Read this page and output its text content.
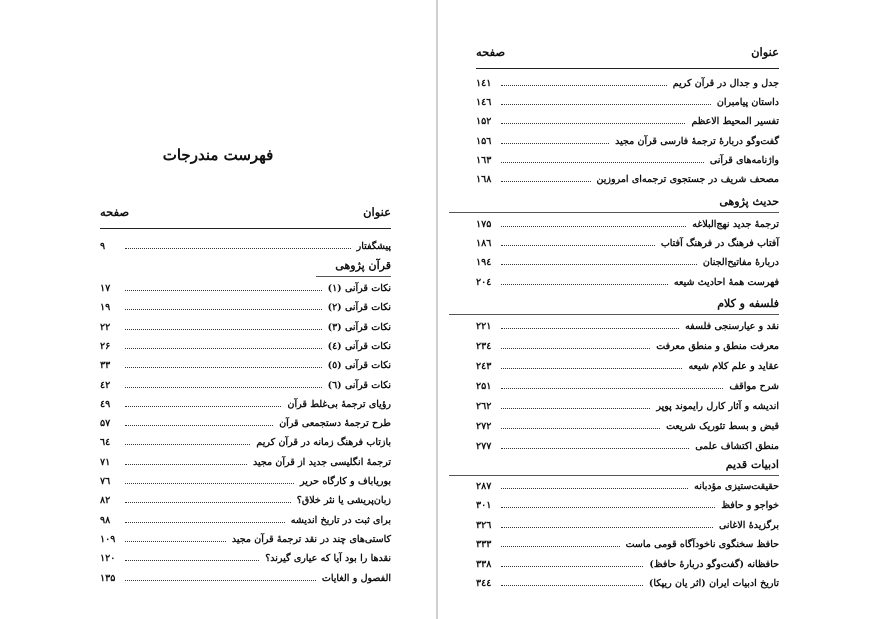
فهرست مندرجات
عنوان
صفحه
پیشگفتار
۹
قرآن پژوهی
نکات قرآنی (۱)
۱۷
نکات قرآنی (۲)
۱۹
نکات قرآنی (۳)
۲۲
نکات قرآنی (٤)
۲۶
نکات قرآنی (٥)
۳۳
نکات قرآنی (٦)
٤۲
رؤیای ترجمهٔ بی‌غلط قرآن
٤۹
طرح ترجمهٔ دستجمعی قرآن
۵۷
بازتاب فرهنگ زمانه در قرآن کریم
٦٤
ترجمهٔ انگلیسی جدید از قرآن مجید
۷۱
بوریاباف و کارگاه حریر
۷٦
زبان‌پریشی یا نثر خلاق؟
۸۲
برای ثبت در تاریخ اندیشه
۹۸
کاستی‌های چند در نقد ترجمهٔ قرآن مجید
۱۰۹
نقدها را بود آیا که عیاری گیرند؟
۱۲۰
الفصول و الغایات
۱۳۵
عنوان
صفحه
جدل و جدال در قرآن کریم
۱٤۱
داستان پیامبران
۱٤٦
تفسیر المحیط الاعظم
۱۵۲
گفت‌وگو دربارهٔ ترجمهٔ فارسی قرآن مجید
۱۵٦
واژنامه‌های قرآنی
۱٦۳
مصحف شریف در جستجوی ترجمه‌ای امروزین
۱٦۸
حدیث پژوهی
ترجمهٔ جدید نهج‌البلاغه
۱۷۵
آفتاب فرهنگ در فرهنگ آفتاب
۱۸٦
دربارهٔ مفاتیح‌الجنان
۱۹٤
فهرست همهٔ احادیث شیعه
۲۰٤
فلسفه و کلام
نقد و عیارسنجی فلسفه
۲۲۱
معرفت منطق و منطق معرفت
۲۳٤
عقاید و علم کلام شیعه
۲٤۳
شرح مواقف
۲۵۱
اندیشه و آثار کارل رایموند پوپر
۲٦۲
قبض و بسط تئوریک شریعت
۲۷۲
منطق اکتشاف علمی
۲۷۷
ادبیات قدیم
حقیقت‌ستیزی مؤدبانه
۲۸۷
خواجو و حافظ
۳۰۱
برگزیدهٔ الاغانی
۳۲٦
حافظ سخنگوی ناخودآگاه قومی ماست
۳۳۳
حافظانه (گفت‌وگو دربارهٔ حافظ)
۳۳۸
تاریخ ادبیات ایران (اثر یان ریپکا)
۳٤٤
